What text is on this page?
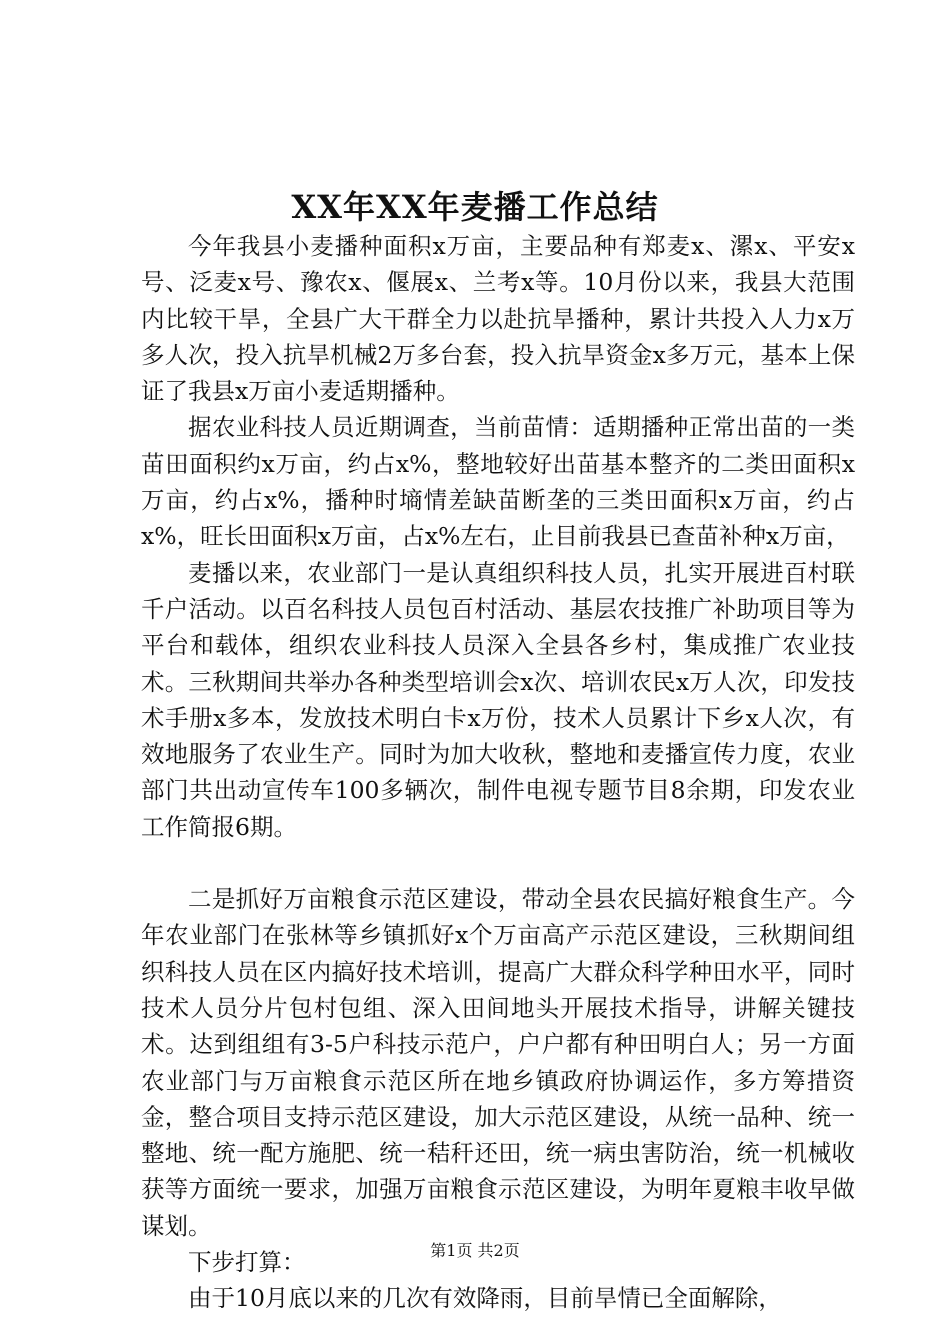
XX年XX年麦播工作总结

今年我县小麦播种面积x万亩，主要品种有郑麦x、漯x、平安x号、泛麦x号、豫农x、偃展x、兰考x等。10月份以来，我县大范围内比较干旱，全县广大干群全力以赴抗旱播种，累计共投入人力x万多人次，投入抗旱机械2万多台套，投入抗旱资金x多万元，基本上保证了我县x万亩小麦适期播种。

据农业科技人员近期调查，当前苗情：适期播种正常出苗的一类苗田面积约x万亩，约占x%，整地较好出苗基本整齐的二类田面积x万亩，约占x%，播种时墒情差缺苗断垄的三类田面积x万亩，约占x%，旺长田面积x万亩，占x%左右，止目前我县已查苗补种x万亩，

麦播以来，农业部门一是认真组织科技人员，扎实开展进百村联千户活动。以百名科技人员包百村活动、基层农技推广补助项目等为平台和载体，组织农业科技人员深入全县各乡村，集成推广农业技术。三秋期间共举办各种类型培训会x次、培训农民x万人次，印发技术手册x多本，发放技术明白卡x万份，技术人员累计下乡x人次，有效地服务了农业生产。同时为加大收秋，整地和麦播宣传力度，农业部门共出动宣传车100多辆次，制件电视专题节目8余期，印发农业工作简报6期。

二是抓好万亩粮食示范区建设，带动全县农民搞好粮食生产。今年农业部门在张林等乡镇抓好x个万亩高产示范区建设，三秋期间组织科技人员在区内搞好技术培训，提高广大群众科学种田水平，同时技术人员分片包村包组、深入田间地头开展技术指导，讲解关键技术。达到组组有3-5户科技示范户，户户都有种田明白人；另一方面农业部门与万亩粮食示范区所在地乡镇政府协调运作，多方筹措资金，整合项目支持示范区建设，加大示范区建设，从统一品种、统一整地、统一配方施肥、统一秸秆还田，统一病虫害防治，统一机械收获等方面统一要求，加强万亩粮食示范区建设，为明年夏粮丰收早做谋划。

下步打算：

由于10月底以来的几次有效降雨，目前旱情已全面解除，

第1页 共2页
